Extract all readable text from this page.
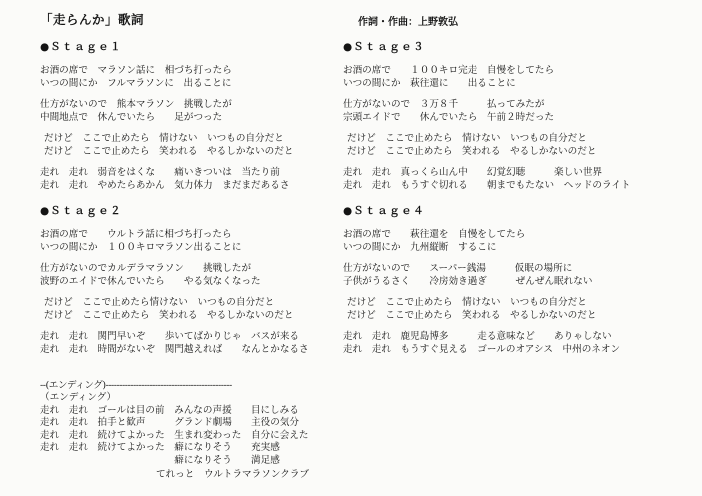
「走らんか」歌詞	作詞・作曲：上野敦弘
●Ｓｔａｇｅ１
お酒の席で　マラソン話に　相づち打ったら
いつの間にか　フルマラソンに　出ることに
仕方がないので　熊本マラソン　挑戦したが
中間地点で　休んでいたら　　足がつった
だけど　ここで止めたら　情けない　いつもの自分だと
だけど　ここで止めたら　笑われる　やるしかないのだと
走れ　走れ　弱音をはくな　　痛いきついは　当たり前
走れ　走れ　やめたらあかん　気力体力　まだまだあるさ
●Ｓｔａｇｅ２
お酒の席で　　ウルトラ話に相づち打ったら
いつの間にか　１００キロマラソン出ることに
仕方がないのでカルデラマラソン　　挑戦したが
波野のエイドで休んでいたら　　やる気なくなった
だけど　ここで止めたら情けない　いつもの自分だと
だけど　ここで止めたら　笑われる　やるしかないのだと
走れ　走れ　関門早いぞ　　歩いてばかりじゃ　バスが来る
走れ　走れ　時間がないぞ　関門越えれば　　なんとかなるさ
●Ｓｔａｇｅ３
お酒の席で　　１００キロ完走　自慢をしてたら
いつの間にか　萩往還に　　出ることに
仕方がないので　３万８千　　　払ってみたが
宗頭エイドで　　休んでいたら　午前２時だった
だけど　ここで止めたら　情けない　いつもの自分だと
だけど　ここで止めたら　笑われる　やるしかないのだと
走れ　走れ　真っくら山ん中　　幻覚幻聴　　　楽しい世界
走れ　走れ　もうすぐ切れる　　朝までもたない　ヘッドのライト
●Ｓｔａｇｅ４
お酒の席で　　萩往還を　自慢をしてたら
いつの間にか　九州縦断　するこに
仕方がないので　　スーパー銭湯　　　仮眠の場所に
子供がうるさく　　冷房効き過ぎ　　　ぜんぜん眠れない
だけど　ここで止めたら　情けない　いつもの自分だと
だけど　ここで止めたら　笑われる　やるしかないのだと
走れ　走れ　鹿児島博多　　　走る意味など　　ありゃしない
走れ　走れ　もうすぐ見える　ゴールのオアシス　中州のネオン
--(エンディング)----------------------------------------------
（エンディング）
走れ　走れ　ゴールは目の前　みんなの声援　　目にしみる
走れ　走れ　拍手と歓声　　　グランド劇場　　主役の気分
走れ　走れ　続けてよかった　生まれ変わった　自分に会えた
走れ　走れ　続けてよかった　癖になりそう　　充実感
　　　　　　　　　　　　　　癖になりそう　　満足感
てれっと　ウルトラマラソンクラブ
